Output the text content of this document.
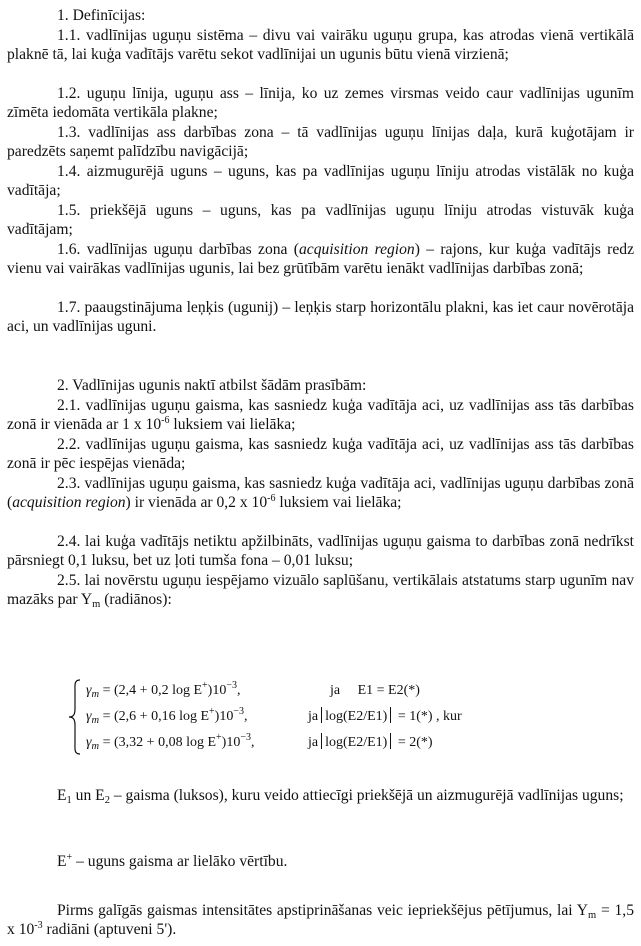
1. Definīcijas:

1.1. vadlīnijas uguņu sistēma – divu vai vairāku uguņu grupa, kas atrodas vienā vertikālā plaknē tā, lai kuģa vadītājs varētu sekot vadlīnijai un ugunis būtu vienā virzienā;

1.2. uguņu līnija, uguņu ass – līnija, ko uz zemes virsmas veido caur vadlīnijas ugunīm zīmēta iedomāta vertikāla plakne;

1.3. vadlīnijas ass darbības zona – tā vadlīnijas uguņu līnijas daļa, kurā kuģotājam ir paredzēts saņemt palīdzību navigācijā;

1.4. aizmugurējā uguns – uguns, kas pa vadlīnijas uguņu līniju atrodas vistālāk no kuģa vadītāja;

1.5. priekšējā uguns – uguns, kas pa vadlīnijas uguņu līniju atrodas vistuvāk kuģa vadītājam;

1.6. vadlīnijas uguņu darbības zona (acquisition region) – rajons, kur kuģa vadītājs redz vienu vai vairākas vadlīnijas ugunis, lai bez grūtībām varētu ienākt vadlīnijas darbības zonā;

1.7. paaugstinājuma leņķis (ugunij) – leņķis starp horizontālu plakni, kas iet caur novērotāja aci, un vadlīnijas uguni.

2. Vadlīnijas ugunis naktī atbilst šādām prasībām:

2.1. vadlīnijas uguņu gaisma, kas sasniedz kuģa vadītāja aci, uz vadlīnijas ass tās darbības zonā ir vienāda ar 1 x $10^{-6}$ luksiem vai lielāka;

2.2. vadlīnijas uguņu gaisma, kas sasniedz kuģa vadītāja aci, uz vadlīnijas ass tās darbības zonā ir pēc iespējas vienāda;

2.3. vadlīnijas uguņu gaisma, kas sasniedz kuģa vadītāja aci, vadlīnijas uguņu darbības zonā (acquisition region) ir vienāda ar 0,2 x $10^{-6}$ luksiem vai lielāka;

2.4. lai kuģa vadītājs netiktu apžilbināts, vadlīnijas uguņu gaisma to darbības zonā nedrīkst pārsniegt 0,1 luksu, bet uz ļoti tumša fona – 0,01 luksu;

2.5. lai novērstu uguņu iespējamo vizuālo saplūšanu, vertikālais atstatums starp ugunīm nav mazāks par $Y_m$ (radiānos):

$\gamma_m = (2,4 + 0,2$ $\log E^+)10^{-3}$,	ja E1 = E2(*)
$\gamma_m = (2,6 + 0,16$ $\log E^+)10^{-3}$,	ja log(E2/E1) = 1(*) , kur
$\gamma_m = (3,32 + 0,08$ $\log E^+)10^{-3}$,	ja log(E2/E1) = 2(*)

$E_1$ un $E_2$ – gaisma (luksos), kuru veido attiecīgi priekšējā un aizmugurējā vadlīnijas uguns;

E+ – uguns gaisma ar lielāko vērtību.

Pirms galīgās gaismas intensitātes apstiprināšanas veic iepriekšējus pētījumus, lai $Y_m = 1,5$ x $10^{-3}$ radiāni (aptuveni 5').
